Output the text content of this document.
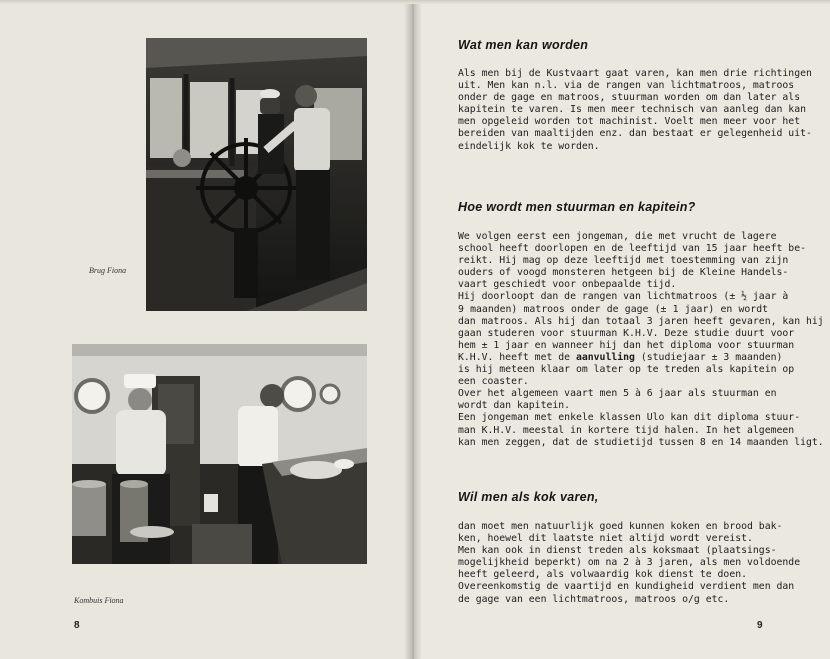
Brug Fiona
Kombuis Fiona
8	9
Wat men kan worden
Als men bij de Kustvaart gaat varen, kan men drie richtingen
uit. Men kan n.l. via de rangen van lichtmatroos, matroos
onder de gage en matroos, stuurman worden om dan later als
kapitein te varen. Is men meer technisch van aanleg dan kan
men opgeleid worden tot machinist. Voelt men meer voor het
bereiden van maaltijden enz. dan bestaat er gelegenheid uit-
eindelijk kok te worden.
Hoe wordt men stuurman en kapitein?
We volgen eerst een jongeman, die met vrucht de lagere
school heeft doorlopen en de leeftijd van 15 jaar heeft be-
reikt. Hij mag op deze leeftijd met toestemming van zijn
ouders of voogd monsteren hetgeen bij de Kleine Handels-
vaart geschiedt voor onbepaalde tijd.
Hij doorloopt dan de rangen van lichtmatroos (± ½ jaar à
9 maanden) matroos onder de gage (± 1 jaar) en wordt
dan matroos. Als hij dan totaal 3 jaren heeft gevaren, kan hij
gaan studeren voor stuurman K.H.V. Deze studie duurt voor
hem ± 1 jaar en wanneer hij dan het diploma voor stuurman
K.H.V. heeft met de aanvulling (studiejaar ± 3 maanden)
is hij meteen klaar om later op te treden als kapitein op
een coaster.
Over het algemeen vaart men 5 à 6 jaar als stuurman en
wordt dan kapitein.
Een jongeman met enkele klassen Ulo kan dit diploma stuur-
man K.H.V. meestal in kortere tijd halen. In het algemeen
kan men zeggen, dat de studietijd tussen 8 en 14 maanden ligt.
Wil men als kok varen,
dan moet men natuurlijk goed kunnen koken en brood bak-
ken, hoewel dit laatste niet altijd wordt vereist.
Men kan ook in dienst treden als koksmaat (plaatsings-
mogelijkheid beperkt) om na 2 à 3 jaren, als men voldoende
heeft geleerd, als volwaardig kok dienst te doen.
Overeenkomstig de vaartijd en kundigheid verdient men dan
de gage van een lichtmatroos, matroos o/g etc.
